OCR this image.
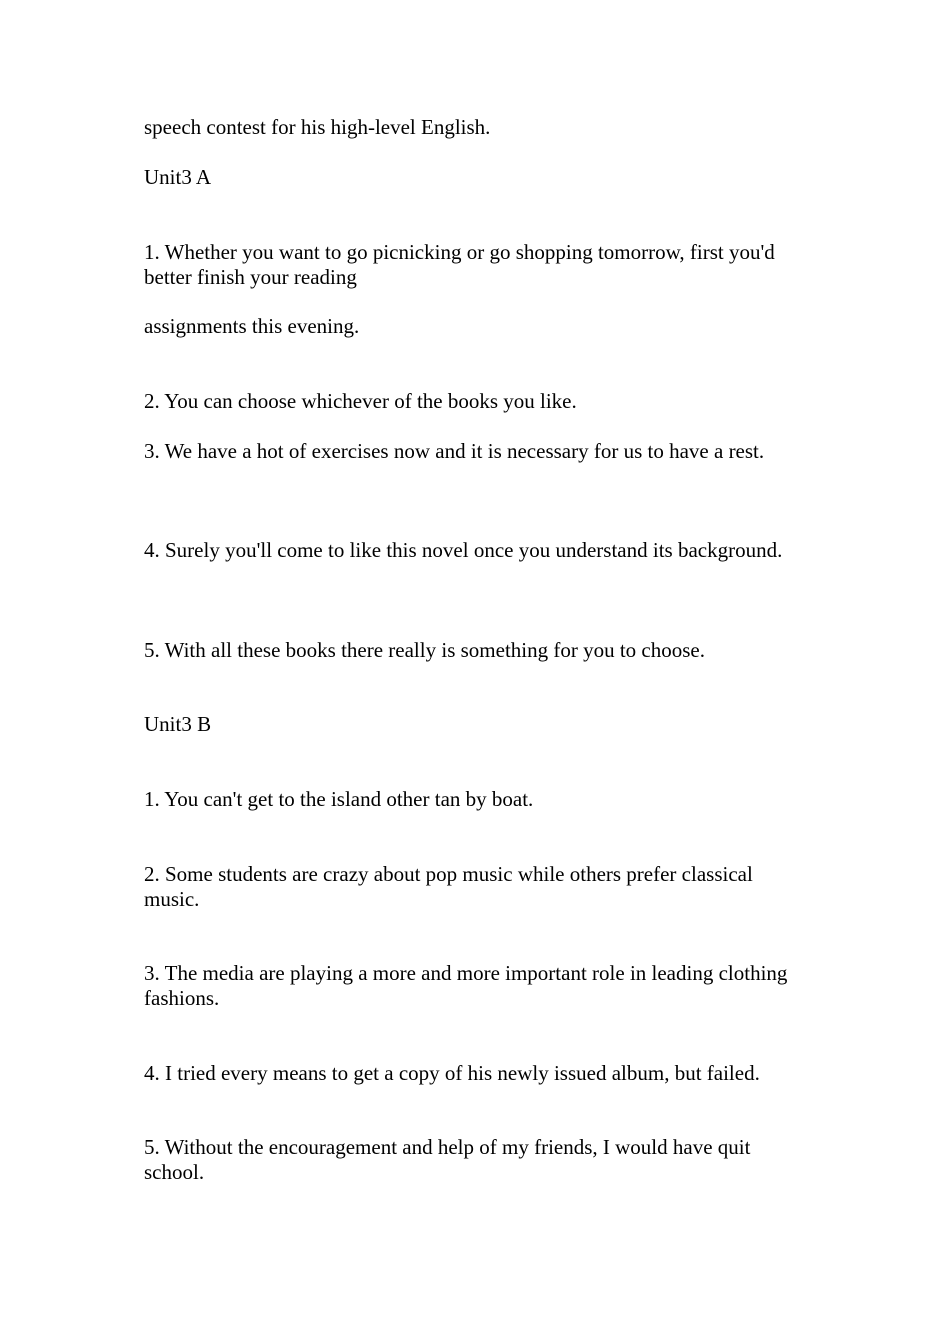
speech contest for his high-level English.

Unit3 A

1. Whether you want to go picnicking or go shopping tomorrow, first you'd better finish your reading

assignments this evening.

2. You can choose whichever of the books you like.

3. We have a hot of exercises now and it is necessary for us to have a rest.

4. Surely you'll come to like this novel once you understand its background.

5. With all these books there really is something for you to choose.

Unit3 B

1. You can't get to the island other tan by boat.

2. Some students are crazy about pop music while others prefer classical music.

3. The media are playing a more and more important role in leading clothing fashions.

4. I tried every means to get a copy of his newly issued album, but failed.

5. Without the encouragement and help of my friends, I would have quit school.
